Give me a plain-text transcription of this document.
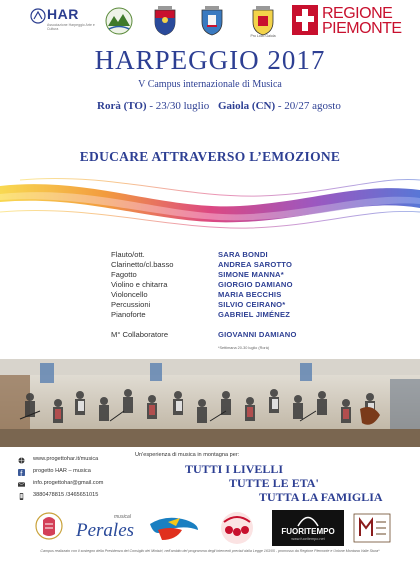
HAR
Associazione Harpeggio Arte e Cultura
Pro Loco Gaiola
REGIONE
PIEMONTE
HARPEGGIO 2017
V Campus internazionale di Musica
Rorà (TO) - 23/30 luglio Gaiola (CN) - 20/27 agosto
EDUCARE ATTRAVERSO L’EMOZIONE
Flauto/ott.	SARA BONDI
Clarinetto/cl.basso	ANDREA SAROTTO
Fagotto	SIMONE MANNA*
Violino e chitarra	GIORGIO DAMIANO
Violoncello	MARIA BECCHIS
Percussioni	SILVIO CEIRANO*
Pianoforte	GABRIEL JIMÉNEZ
M° Collaboratore	GIOVANNI DAMIANO
*Settimana 20-30 luglio (Rorà)
www.progettohar.it/musica
progetto HAR – musica
info.progettohar@gmail.com
3880478815 /3465651015
Un'esperienza di musica in montagna per:
TUTTI I LIVELLI
TUTTE LE ETA'
TUTTA LA FAMIGLIA
musical
Perales	FUORITEMPO
www.fuoritempo.net
Campus realizzato con il sostegno della Presidenza del Consiglio dei Ministri, nell'ambito del programma degli interventi previsti dalla Legge 163/05 - promosso da Regione Piemonte e Unione Montana Valle Stura*
